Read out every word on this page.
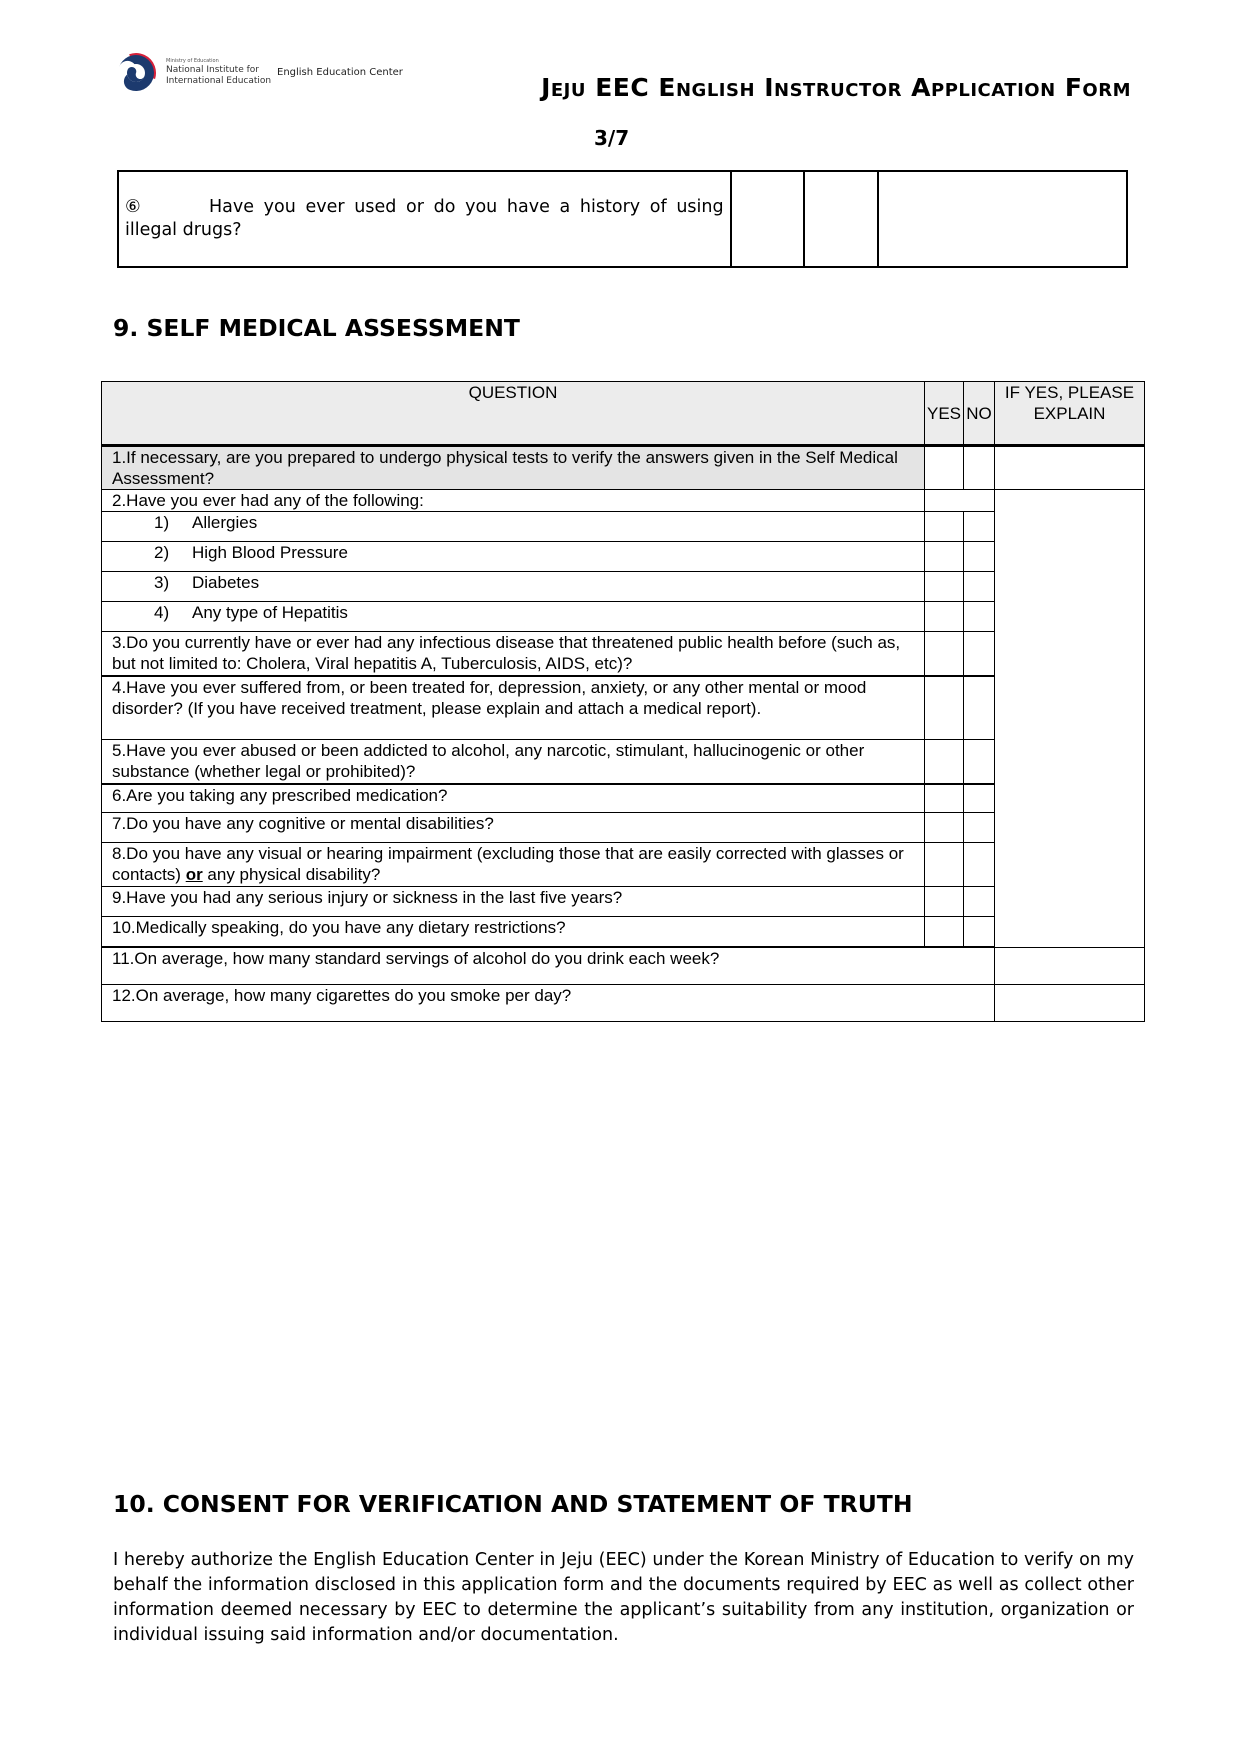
Ministry of Education
National Institute for
International Education
English Education Center
Jeju EEC English Instructor Application Form
3/7
⑥	Have you ever used or do you have a history of using illegal drugs?			
9. SELF MEDICAL ASSESSMENT
QUESTION	YES	NO	IF YES, PLEASE EXPLAIN
1.If necessary, are you prepared to undergo physical tests to verify the answers given in the Self Medical Assessment?			
2.Have you ever had any of the following:			
1) Allergies			
2) High Blood Pressure			
3) Diabetes			
4) Any type of Hepatitis			
3.Do you currently have or ever had any infectious disease that threatened public health before (such as, but not limited to: Cholera, Viral hepatitis A, Tuberculosis, AIDS, etc)?			
4.Have you ever suffered from, or been treated for, depression, anxiety, or any other mental or mood disorder? (If you have received treatment, please explain and attach a medical report).			
5.Have you ever abused or been addicted to alcohol, any narcotic, stimulant, hallucinogenic or other substance (whether legal or prohibited)?			
6.Are you taking any prescribed medication?			
7.Do you have any cognitive or mental disabilities?			
8.Do you have any visual or hearing impairment (excluding those that are easily corrected with glasses or contacts) or any physical disability?			
9.Have you had any serious injury or sickness in the last five years?			
10.Medically speaking, do you have any dietary restrictions?			

11.On average, how many standard servings of alcohol do you drink each week?			
12.On average, how many cigarettes do you smoke per day?			
10. CONSENT FOR VERIFICATION AND STATEMENT OF TRUTH
I hereby authorize the English Education Center in Jeju (EEC) under the Korean Ministry of Education to verify on my behalf the information disclosed in this application form and the documents required by EEC as well as collect other information deemed necessary by EEC to determine the applicant’s suitability from any institution, organization or individual issuing said information and/or documentation.
